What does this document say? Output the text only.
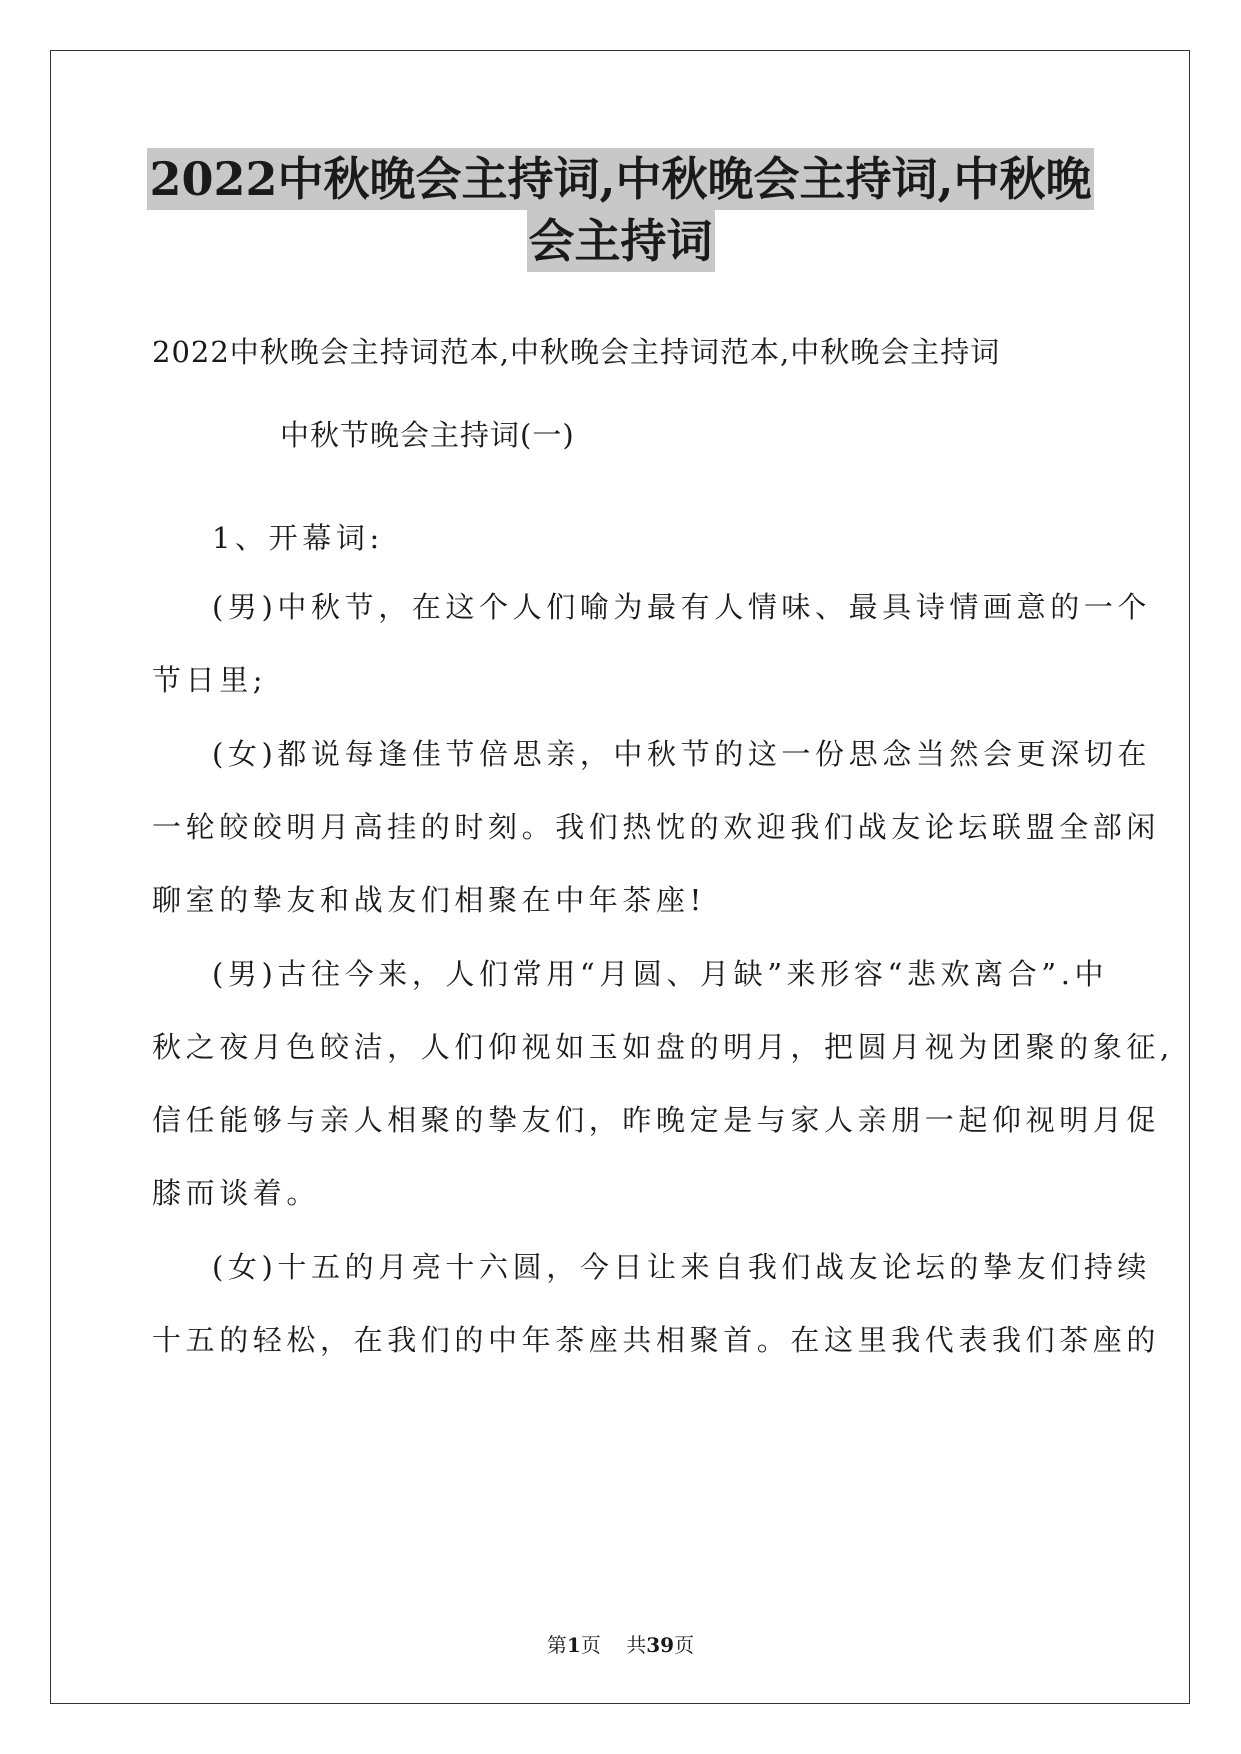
2022中秋晚会主持词,中秋晚会主持词,中秋晚
会主持词
2022中秋晚会主持词范本,中秋晚会主持词范本,中秋晚会主持词
中秋节晚会主持词(一)
1、开幕词:
(男)中秋节，在这个人们喻为最有人情味、最具诗情画意的一个
节日里;
(女)都说每逢佳节倍思亲，中秋节的这一份思念当然会更深切在
一轮皎皎明月高挂的时刻。我们热忱的欢迎我们战友论坛联盟全部闲
聊室的挚友和战友们相聚在中年茶座!
(男)古往今来，人们常用“月圆、月缺”来形容“悲欢离合”.中
秋之夜月色皎洁，人们仰视如玉如盘的明月，把圆月视为团聚的象征,
信任能够与亲人相聚的挚友们，昨晚定是与家人亲朋一起仰视明月促
膝而谈着。
(女)十五的月亮十六圆，今日让来自我们战友论坛的挚友们持续
十五的轻松，在我们的中年茶座共相聚首。在这里我代表我们茶座的
第1页    共39页
